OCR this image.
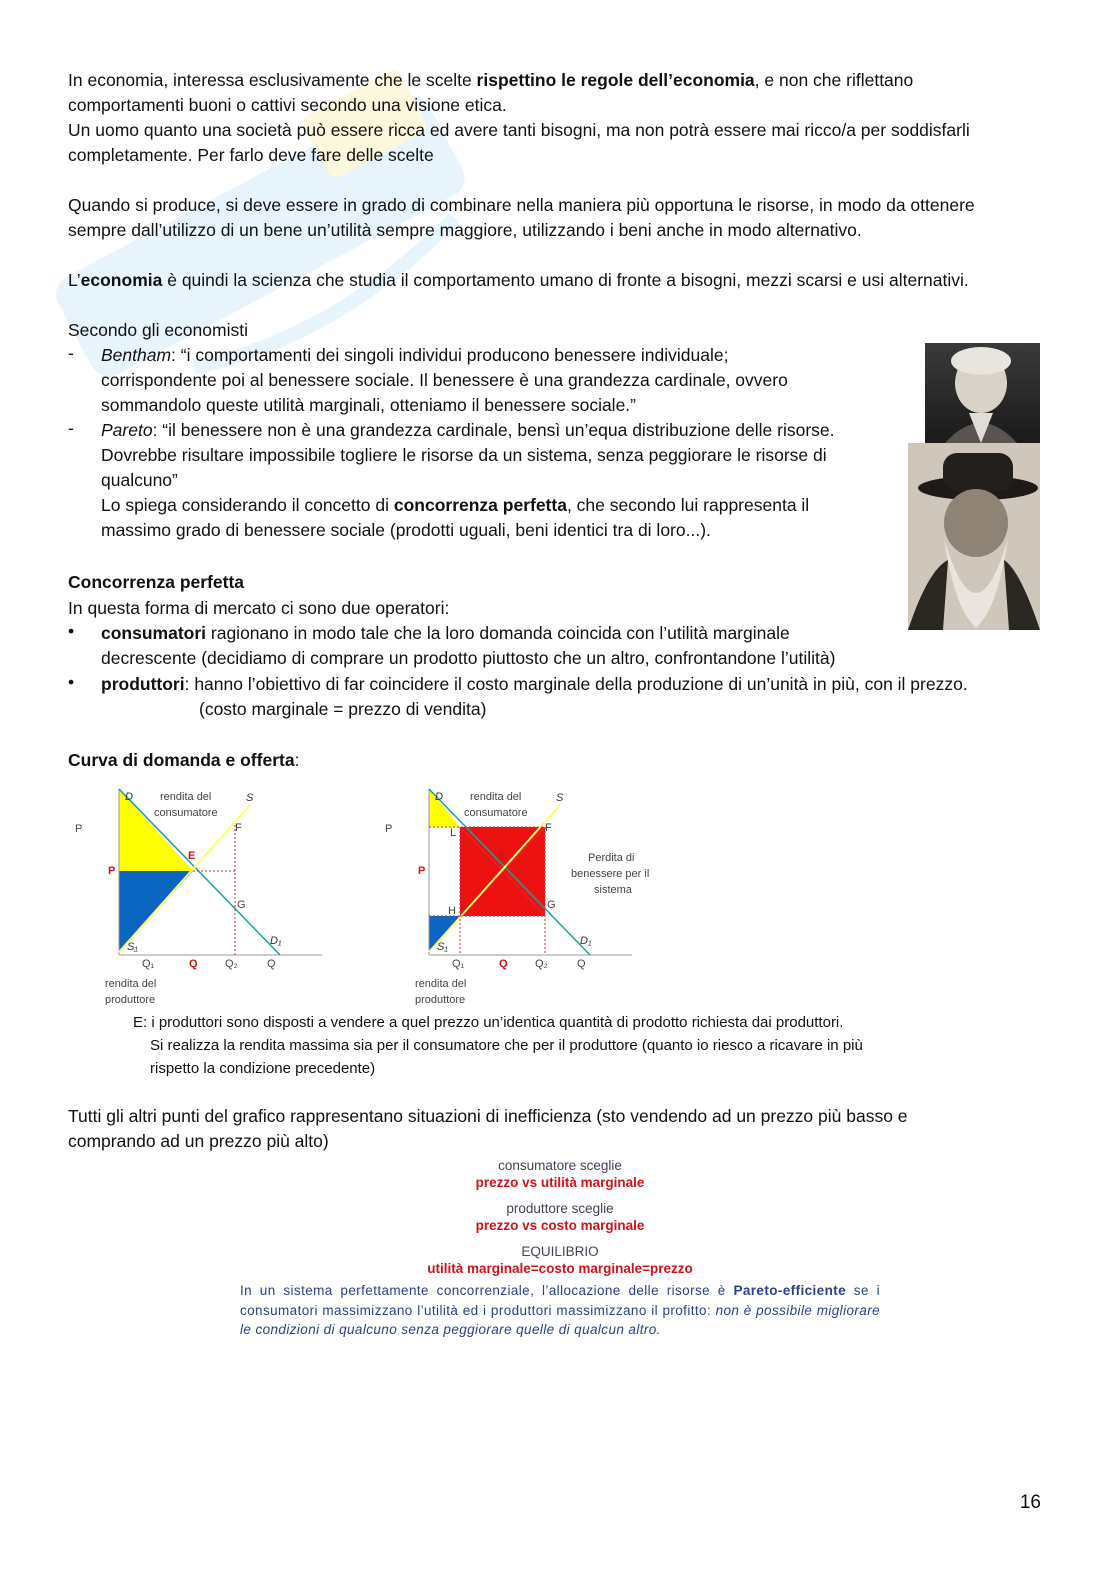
In economia, interessa esclusivamente che le scelte rispettino le regole dell’economia, e non che riflettano
comportamenti buoni o cattivi secondo una visione etica.
Un uomo quanto una società può essere ricca ed avere tanti bisogni, ma non potrà essere mai ricco/a per soddisfarli
completamente. Per farlo deve fare delle scelte
Quando si produce, si deve essere in grado di combinare nella maniera più opportuna le risorse, in modo da ottenere
sempre dall’utilizzo di un bene un’utilità sempre maggiore, utilizzando i beni anche in modo alternativo.
L’economia è quindi la scienza che studia il comportamento umano di fronte a bisogni, mezzi scarsi e usi alternativi.
Secondo gli economisti
- Bentham: “i comportamenti dei singoli individui producono benessere individuale;
corrispondente poi al benessere sociale. Il benessere è una grandezza cardinale, ovvero
sommandolo queste utilità marginali, otteniamo il benessere sociale.”
- Pareto: “il benessere non è una grandezza cardinale, bensì un’equa distribuzione delle risorse.
Dovrebbe risultare impossibile togliere le risorse da un sistema, senza peggiorare le risorse di
qualcuno”
Lo spiega considerando il concetto di concorrenza perfetta, che secondo lui rappresenta il
massimo grado di benessere sociale (prodotti uguali, beni identici tra di loro...).
Concorrenza perfetta
In questa forma di mercato ci sono due operatori:
• consumatori ragionano in modo tale che la loro domanda coincida con l’utilità marginale
decrescente (decidiamo di comprare un prodotto piuttosto che un altro, confrontandone l’utilità)
• produttori: hanno l’obiettivo di far coincidere il costo marginale della produzione di un’unità in più, con il prezzo.
(costo marginale = prezzo di vendita)
Curva di domanda e offerta:
D	S
rendita del
consumatore
P
P
E
F
G
S₁	D₁
Q₁	Q Q₂	Q
rendita del
produttore
D	S
rendita del
consumatore
P
P
L
E
F
G
H
S₁	D₁
Q₁	Q Q₂	Q
rendita del
produttore
Perdita di
benessere per il
sistema
E: i produttori sono disposti a vendere a quel prezzo un’identica quantità di prodotto richiesta dai produttori.
Si realizza la rendita massima sia per il consumatore che per il produttore (quanto io riesco a ricavare in più
rispetto la condizione precedente)
Tutti gli altri punti del grafico rappresentano situazioni di inefficienza (sto vendendo ad un prezzo più basso e
comprando ad un prezzo più alto)
consumatore sceglie
prezzo vs utilità marginale
produttore sceglie
prezzo vs costo marginale
EQUILIBRIO
utilità marginale=costo marginale=prezzo
In un sistema perfettamente concorrenziale, l’allocazione delle risorse è Pareto-efficiente se i consumatori massimizzano l’utilità ed i produttori massimizzano il profitto: non è possibile migliorare le condizioni di qualcuno senza peggiorare quelle di qualcun altro.
16
